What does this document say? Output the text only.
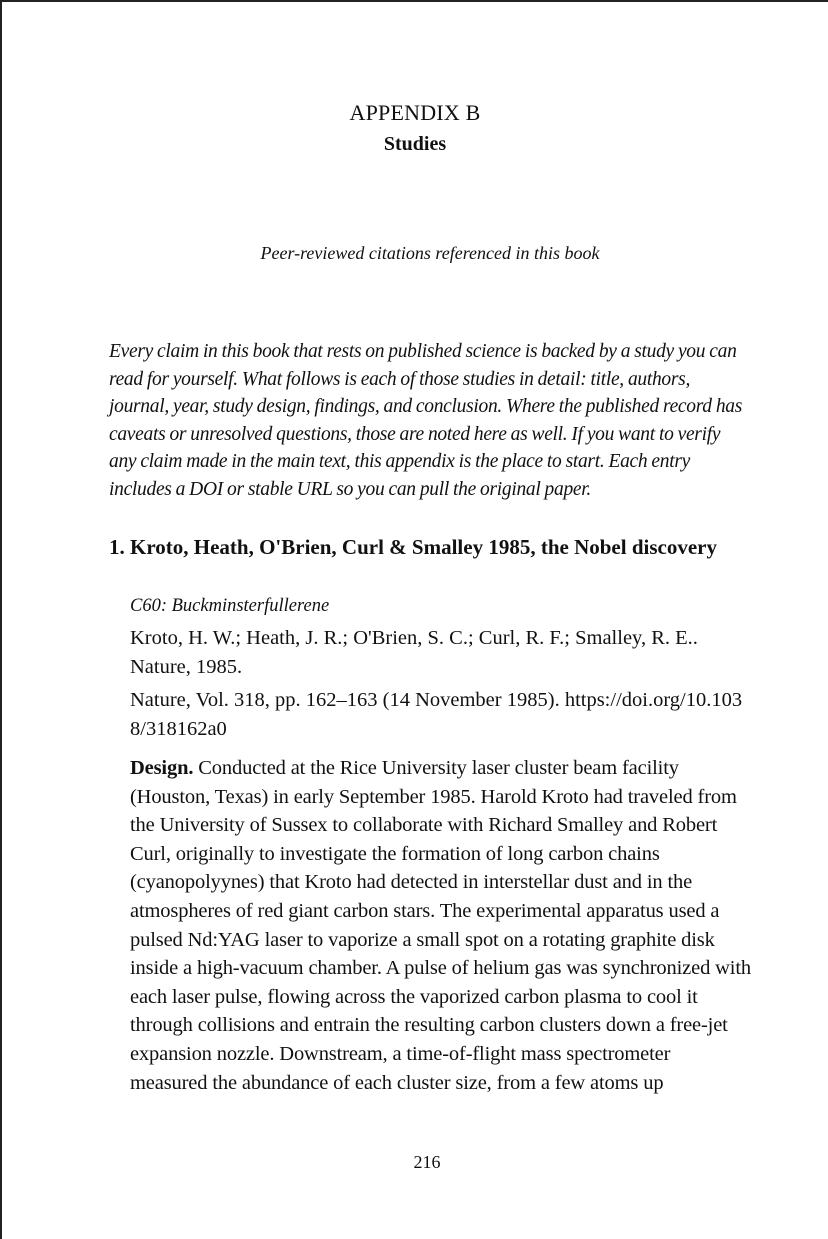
APPENDIX B
Studies
Peer-reviewed citations referenced in this book

Every claim in this book that rests on published science is backed by a study you can read for yourself. What follows is each of those studies in detail: title, authors, journal, year, study design, findings, and conclusion. Where the published record has caveats or unresolved questions, those are noted here as well. If you want to verify any claim made in the main text, this appendix is the place to start. Each entry includes a DOI or stable URL so you can pull the original paper.

1. Kroto, Heath, O'Brien, Curl & Smalley 1985, the Nobel discovery

C60: Buckminsterfullerene

Kroto, H. W.; Heath, J. R.; O'Brien, S. C.; Curl, R. F.; Smalley, R. E.. Nature, 1985.

Nature, Vol. 318, pp. 162–163 (14 November 1985). https://doi.org/10.1038/318162a0

Design. Conducted at the Rice University laser cluster beam facility (Houston, Texas) in early September 1985. Harold Kroto had traveled from the University of Sussex to collaborate with Richard Smalley and Robert Curl, originally to investigate the formation of long carbon chains (cyanopolyynes) that Kroto had detected in interstellar dust and in the atmospheres of red giant carbon stars. The experimental apparatus used a pulsed Nd:YAG laser to vaporize a small spot on a rotating graphite disk inside a high-vacuum chamber. A pulse of helium gas was synchronized with each laser pulse, flowing across the vaporized carbon plasma to cool it through collisions and entrain the resulting carbon clusters down a free-jet expansion nozzle. Downstream, a time-of-flight mass spectrometer measured the abundance of each cluster size, from a few atoms up

216
